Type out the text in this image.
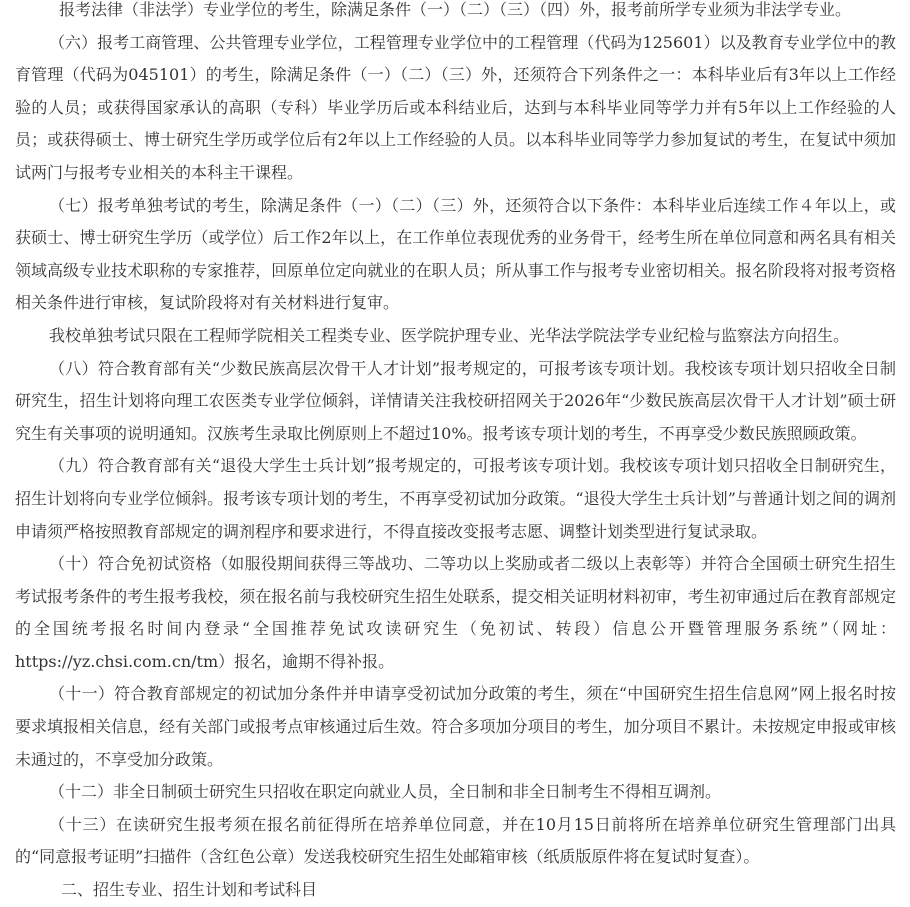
报考法律（非法学）专业学位的考生，除满足条件（一）（二）（三）（四）外，报考前所学专业须为非法学专业。

（六）报考工商管理、公共管理专业学位，工程管理专业学位中的工程管理（代码为125601）以及教育专业学位中的教育管理（代码为045101）的考生，除满足条件（一）（二）（三）外，还须符合下列条件之一：本科毕业后有3年以上工作经验的人员；或获得国家承认的高职（专科）毕业学历后或本科结业后，达到与本科毕业同等学力并有5年以上工作经验的人员；或获得硕士、博士研究生学历或学位后有2年以上工作经验的人员。以本科毕业同等学力参加复试的考生，在复试中须加试两门与报考专业相关的本科主干课程。

（七）报考单独考试的考生，除满足条件（一）（二）（三）外，还须符合以下条件：本科毕业后连续工作４年以上，或获硕士、博士研究生学历（或学位）后工作2年以上，在工作单位表现优秀的业务骨干，经考生所在单位同意和两名具有相关领域高级专业技术职称的专家推荐，回原单位定向就业的在职人员；所从事工作与报考专业密切相关。报名阶段将对报考资格相关条件进行审核，复试阶段将对有关材料进行复审。

我校单独考试只限在工程师学院相关工程类专业、医学院护理专业、光华法学院法学专业纪检与监察法方向招生。

（八）符合教育部有关“少数民族高层次骨干人才计划”报考规定的，可报考该专项计划。我校该专项计划只招收全日制研究生，招生计划将向理工农医类专业学位倾斜，详情请关注我校研招网关于2026年“少数民族高层次骨干人才计划”硕士研究生有关事项的说明通知。汉族考生录取比例原则上不超过10%。报考该专项计划的考生，不再享受少数民族照顾政策。

（九）符合教育部有关“退役大学生士兵计划”报考规定的，可报考该专项计划。我校该专项计划只招收全日制研究生，招生计划将向专业学位倾斜。报考该专项计划的考生，不再享受初试加分政策。“退役大学生士兵计划”与普通计划之间的调剂申请须严格按照教育部规定的调剂程序和要求进行，不得直接改变报考志愿、调整计划类型进行复试录取。

（十）符合免初试资格（如服役期间获得三等战功、二等功以上奖励或者二级以上表彰等）并符合全国硕士研究生招生考试报考条件的考生报考我校，须在报名前与我校研究生招生处联系，提交相关证明材料初审，考生初审通过后在教育部规定的全国统考报名时间内登录“全国推荐免试攻读研究生（免初试、转段）信息公开暨管理服务系统”（网址：https://yz.chsi.com.cn/tm）报名，逾期不得补报。

（十一）符合教育部规定的初试加分条件并申请享受初试加分政策的考生，须在“中国研究生招生信息网”网上报名时按要求填报相关信息，经有关部门或报考点审核通过后生效。符合多项加分项目的考生，加分项目不累计。未按规定申报或审核未通过的，不享受加分政策。

（十二）非全日制硕士研究生只招收在职定向就业人员，全日制和非全日制考生不得相互调剂。

（十三）在读研究生报考须在报名前征得所在培养单位同意，并在10月15日前将所在培养单位研究生管理部门出具的“同意报考证明”扫描件（含红色公章）发送我校研究生招生处邮箱审核（纸质版原件将在复试时复查）。

二、招生专业、招生计划和考试科目
